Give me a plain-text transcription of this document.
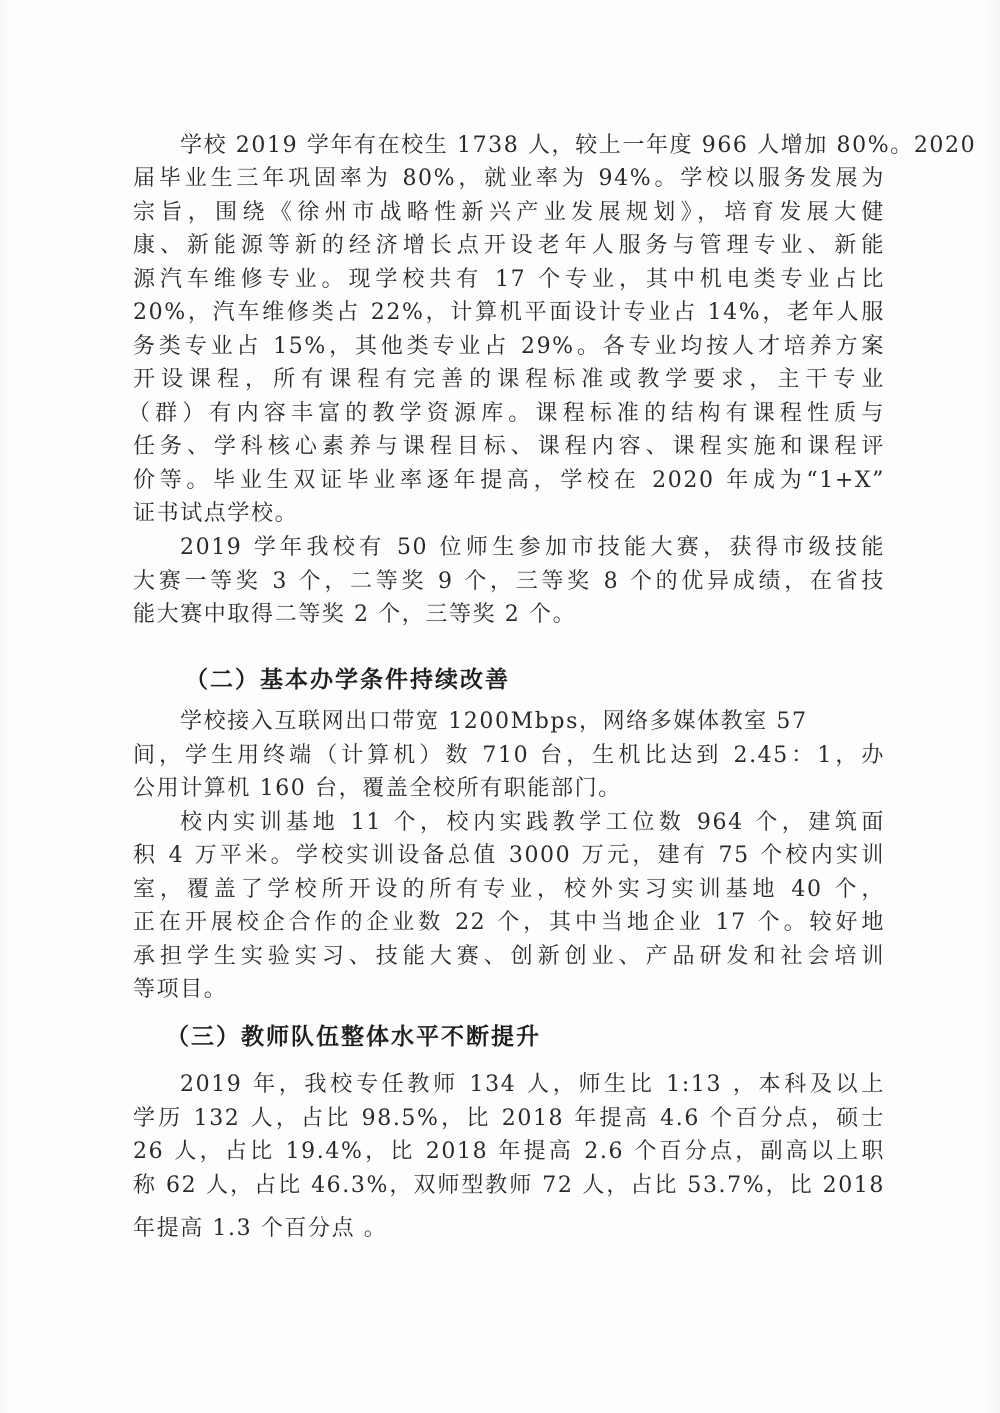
学校 2019 学年有在校生 1738 人，较上一年度 966 人增加 80%。2020
届毕业生三年巩固率为 80%，就业率为 94%。学校以服务发展为
宗旨，围绕《徐州市战略性新兴产业发展规划》，培育发展大健
康、新能源等新的经济增长点开设老年人服务与管理专业、新能
源汽车维修专业。现学校共有 17 个专业，其中机电类专业占比
20%，汽车维修类占 22%，计算机平面设计专业占 14%，老年人服
务类专业占 15%，其他类专业占 29%。各专业均按人才培养方案
开设课程，所有课程有完善的课程标准或教学要求，主干专业
（群）有内容丰富的教学资源库。课程标准的结构有课程性质与
任务、学科核心素养与课程目标、课程内容、课程实施和课程评
价等。毕业生双证毕业率逐年提高，学校在 2020 年成为“1+X”
证书试点学校。
2019 学年我校有 50 位师生参加市技能大赛，获得市级技能
大赛一等奖 3 个，二等奖 9 个，三等奖 8 个的优异成绩，在省技
能大赛中取得二等奖 2 个，三等奖 2 个。
（二）基本办学条件持续改善
学校接入互联网出口带宽 1200Mbps，网络多媒体教室 57
间，学生用终端（计算机）数 710 台，生机比达到 2.45：1，办
公用计算机 160 台，覆盖全校所有职能部门。
校内实训基地 11 个，校内实践教学工位数 964 个，建筑面
积 4 万平米。学校实训设备总值 3000 万元，建有 75 个校内实训
室，覆盖了学校所开设的所有专业，校外实习实训基地 40 个，
正在开展校企合作的企业数 22 个，其中当地企业 17 个。较好地
承担学生实验实习、技能大赛、创新创业、产品研发和社会培训
等项目。
（三）教师队伍整体水平不断提升
2019 年，我校专任教师 134 人，师生比 1:13 ，本科及以上
学历 132 人，占比 98.5%，比 2018 年提高 4.6 个百分点，硕士
26 人，占比 19.4%，比 2018 年提高 2.6 个百分点，副高以上职
称 62 人，占比 46.3%，双师型教师 72 人，占比 53.7%，比 2018
年提高 1.3 个百分点 。
